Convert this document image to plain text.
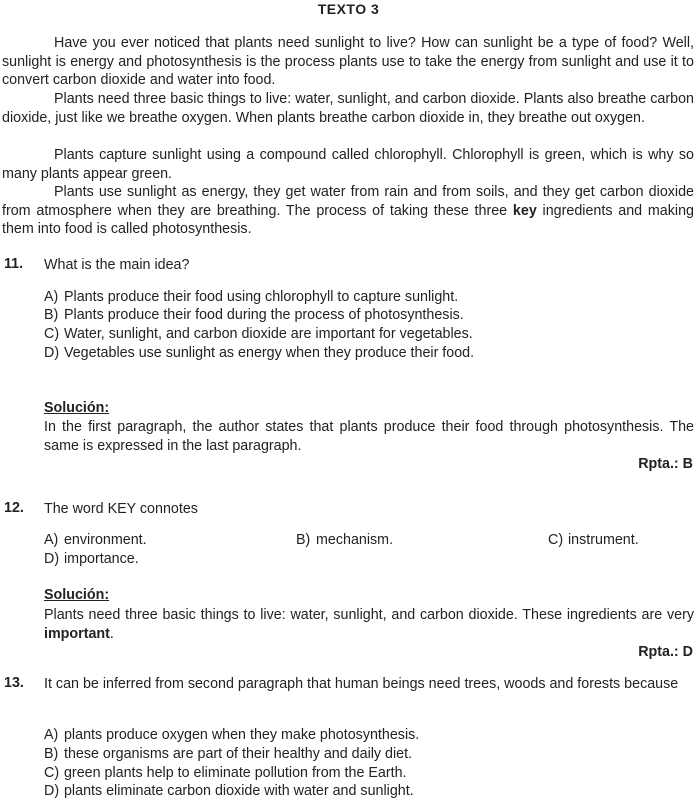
TEXTO 3
Have you ever noticed that plants need sunlight to live? How can sunlight be a type of food? Well, sunlight is energy and photosynthesis is the process plants use to take the energy from sunlight and use it to convert carbon dioxide and water into food.
Plants need three basic things to live: water, sunlight, and carbon dioxide. Plants also breathe carbon dioxide, just like we breathe oxygen. When plants breathe carbon dioxide in, they breathe out oxygen.
Plants capture sunlight using a compound called chlorophyll. Chlorophyll is green, which is why so many plants appear green.
Plants use sunlight as energy, they get water from rain and from soils, and they get carbon dioxide from atmosphere when they are breathing. The process of taking these three key ingredients and making them into food is called photosynthesis.
11. What is the main idea?
A) Plants produce their food using chlorophyll to capture sunlight.
B) Plants produce their food during the process of photosynthesis.
C) Water, sunlight, and carbon dioxide are important for vegetables.
D) Vegetables use sunlight as energy when they produce their food.
Solución:
In the first paragraph, the author states that plants produce their food through photosynthesis. The same is expressed in the last paragraph.
Rpta.: B
12. The word KEY connotes
A) environment.	B) mechanism.	C) instrument.
D) importance.
Solución:
Plants need three basic things to live: water, sunlight, and carbon dioxide. These ingredients are very important.
Rpta.: D
13. It can be inferred from second paragraph that human beings need trees, woods and forests because
A) plants produce oxygen when they make photosynthesis.
B) these organisms are part of their healthy and daily diet.
C) green plants help to eliminate pollution from the Earth.
D) plants eliminate carbon dioxide with water and sunlight.
